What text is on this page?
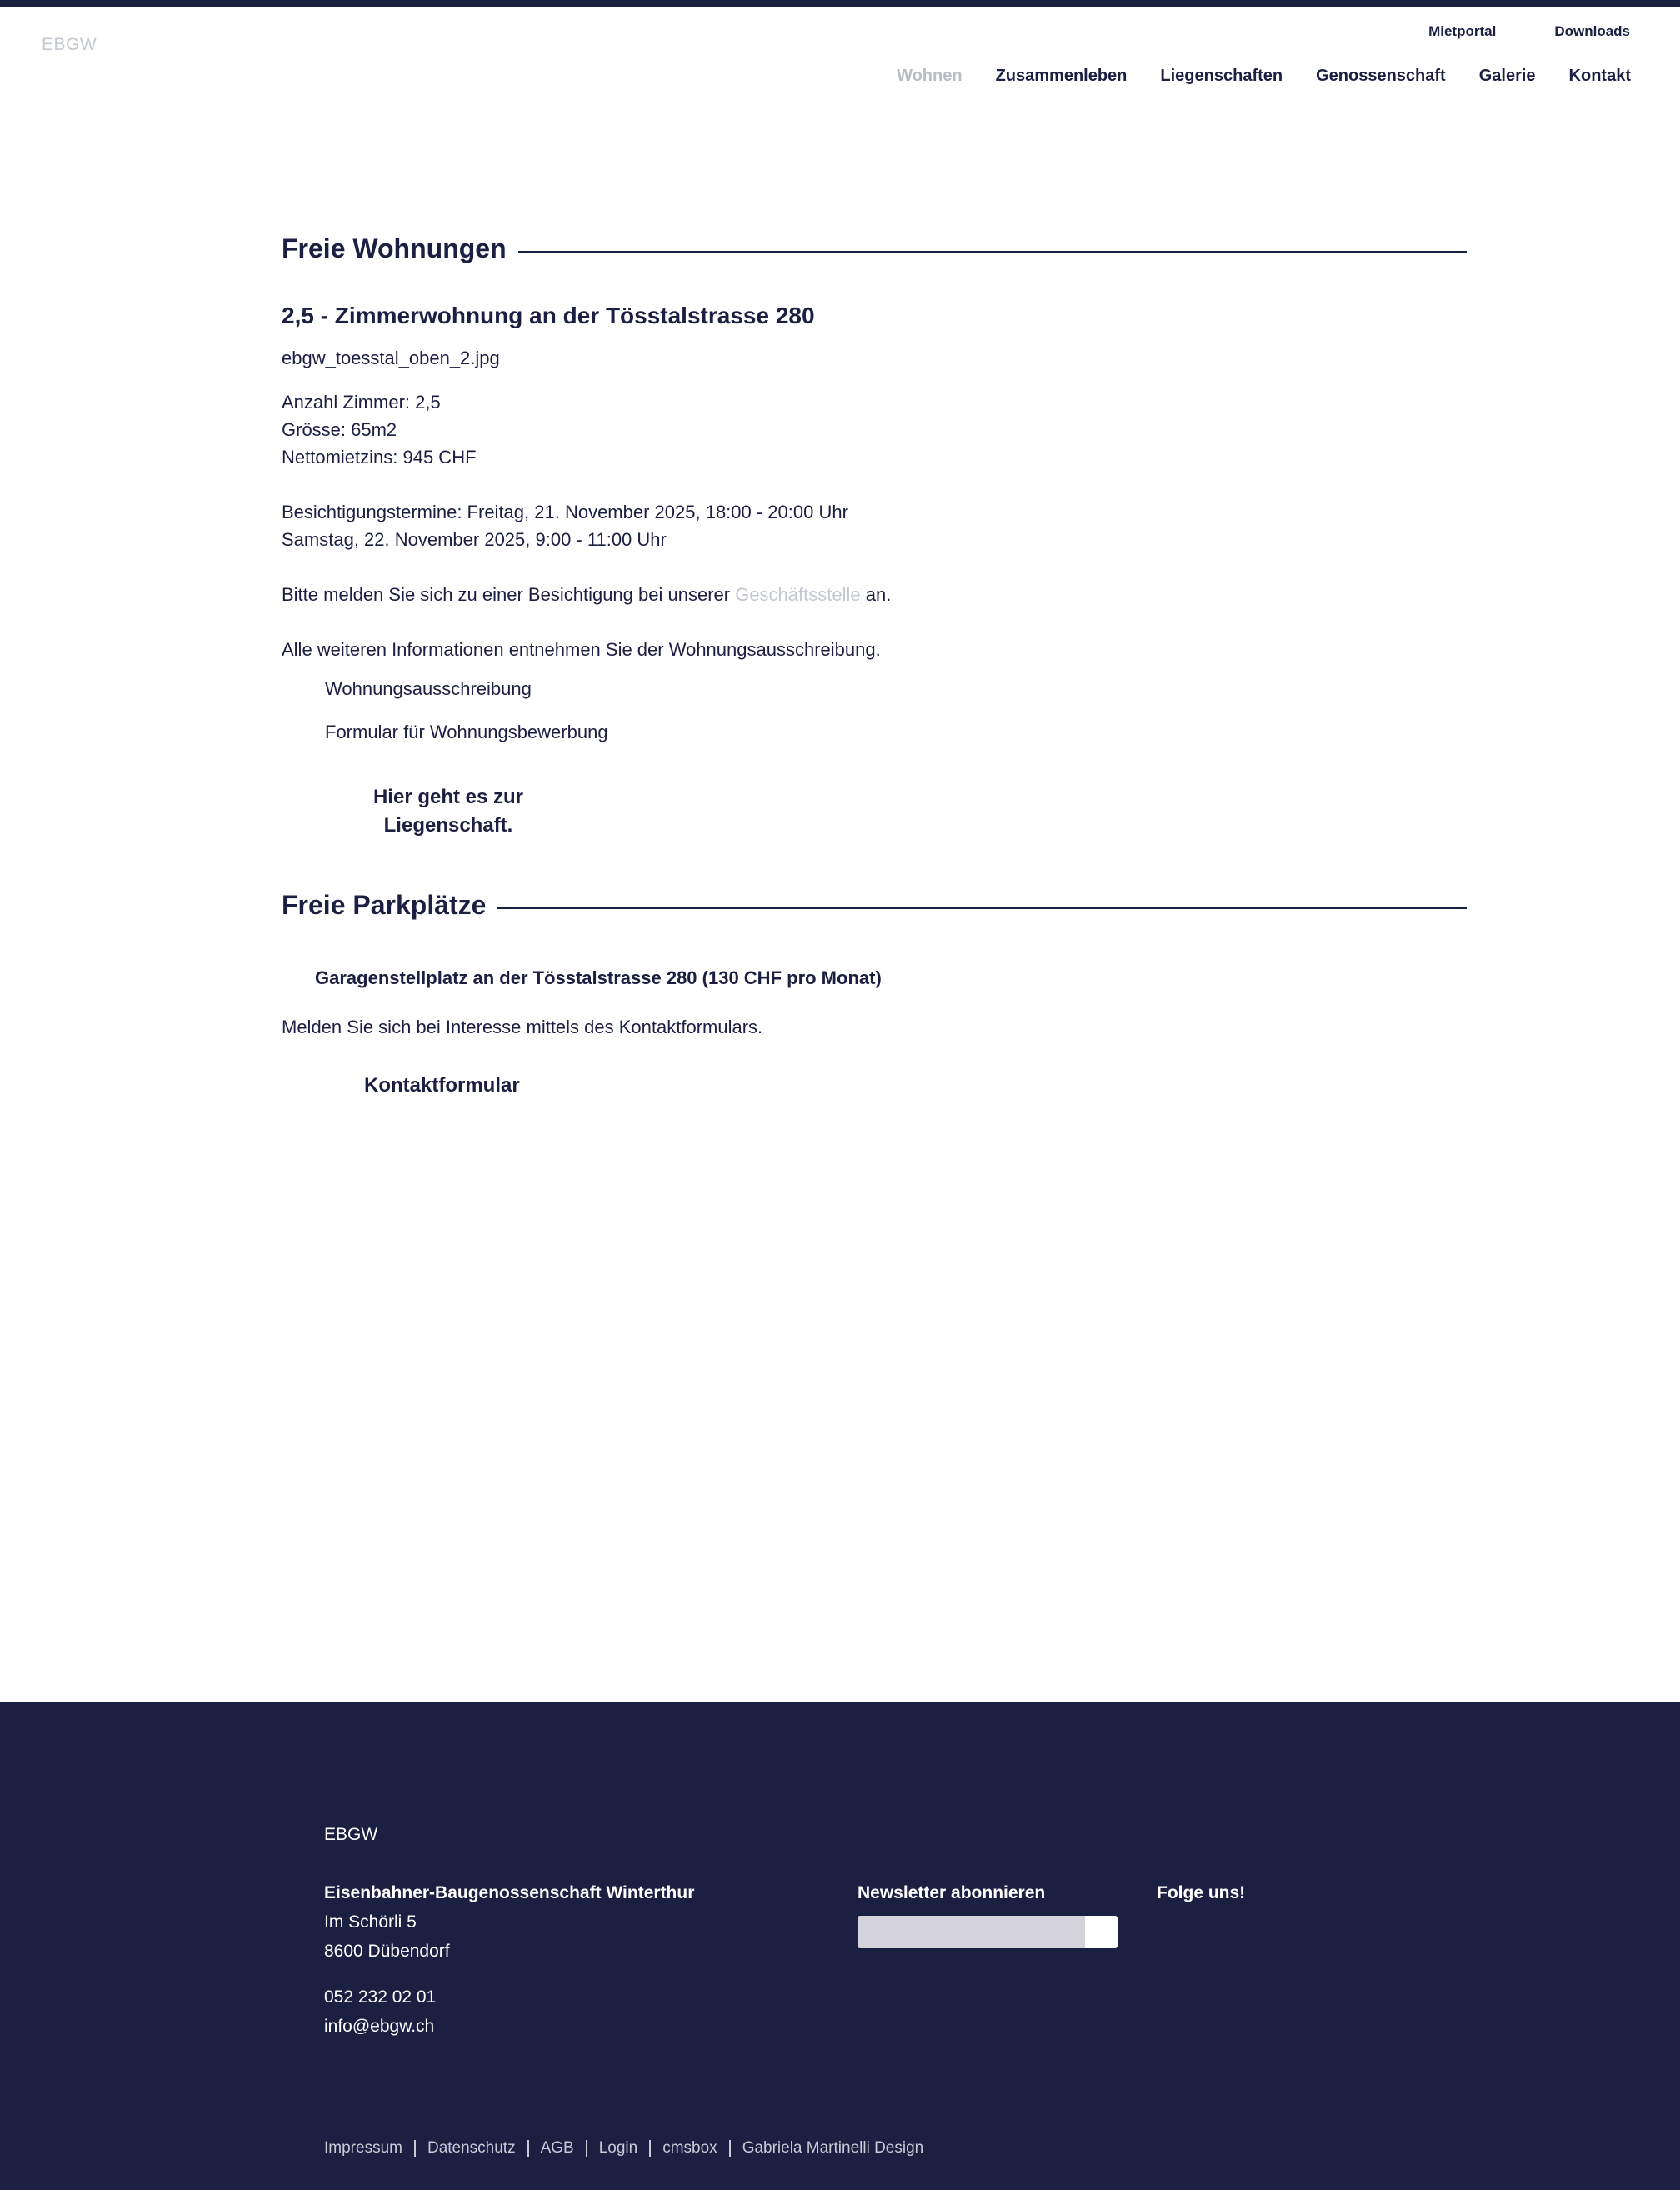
EBGW
Mietportal	Downloads
Wohnen Zusammenleben Liegenschaften Genossenschaft Galerie Kontakt
Freie Wohnungen
2,5 - Zimmerwohnung an der Tösstalstrasse 280
ebgw_toesstal_oben_2.jpg
Anzahl Zimmer: 2,5
Grösse: 65m2
Nettomietzins: 945 CHF
Besichtigungstermine: Freitag, 21. November 2025, 18:00 - 20:00 Uhr
Samstag, 22. November 2025, 9:00 - 11:00 Uhr
Bitte melden Sie sich zu einer Besichtigung bei unserer Geschäftsstelle an.
Alle weiteren Informationen entnehmen Sie der Wohnungsausschreibung.
Wohnungsausschreibung
Formular für Wohnungsbewerbung
Hier geht es zur
Liegenschaft.
Freie Parkplätze
Garagenstellplatz an der Tösstalstrasse 280 (130 CHF pro Monat)
Melden Sie sich bei Interesse mittels des Kontaktformulars.
Kontaktformular
EBGW
Eisenbahner-Baugenossenschaft Winterthur
Im Schörli 5
8600 Dübendorf
052 232 02 01
info@ebgw.ch
Newsletter abonnieren	Folge uns!
Impressum Datenschutz AGB Login cmsbox Gabriela Martinelli Design
